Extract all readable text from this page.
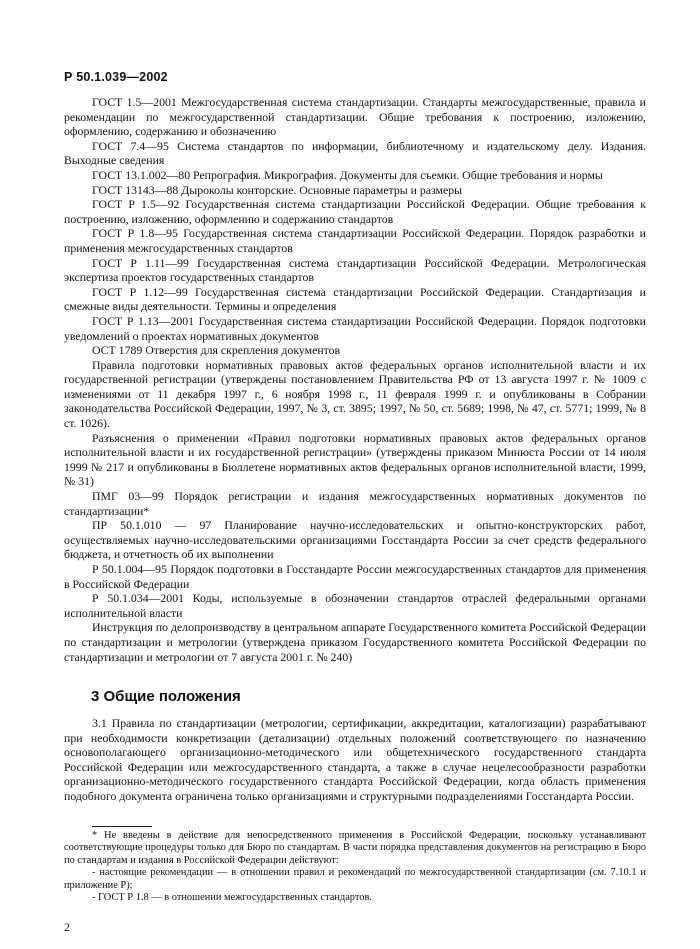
Р 50.1.039—2002

ГОСТ 1.5—2001 Межгосударственная система стандартизации. Стандарты межгосударственные, правила и рекомендации по межгосударственной стандартизации. Общие требования к построению, изложению, оформлению, содержанию и обозначению

ГОСТ 7.4—95 Система стандартов по информации, библиотечному и издательскому делу. Издания. Выходные сведения

ГОСТ 13.1.002—80 Репрография. Микрография. Документы для съемки. Общие требования и нормы

ГОСТ 13143—88 Дыроколы конторские. Основные параметры и размеры

ГОСТ Р 1.5—92 Государственная система стандартизации Российской Федерации. Общие требования к построению, изложению, оформлению и содержанию стандартов

ГОСТ Р 1.8—95 Государственная система стандартизации Российской Федерации. Порядок разработки и применения межгосударственных стандартов

ГОСТ Р 1.11—99 Государственная система стандартизации Российской Федерации. Метрологическая экспертиза проектов государственных стандартов

ГОСТ Р 1.12—99 Государственная система стандартизации Российской Федерации. Стандартизация и смежные виды деятельности. Термины и определения

ГОСТ Р 1.13—2001 Государственная система стандартизации Российской Федерации. Порядок подготовки уведомлений о проектах нормативных документов

ОСТ 1789 Отверстия для скрепления документов

Правила подготовки нормативных правовых актов федеральных органов исполнительной власти и их государственной регистрации (утверждены постановлением Правительства РФ от 13 августа 1997 г. № 1009 с изменениями от 11 декабря 1997 г., 6 ноября 1998 г., 11 февраля 1999 г. и опубликованы в Собрании законодательства Российской Федерации, 1997, № 3, ст. 3895; 1997, № 50, ст. 5689; 1998, № 47, ст. 5771; 1999, № 8 ст. 1026).

Разъяснения о применении «Правил подготовки нормативных правовых актов федеральных органов исполнительной власти и их государственной регистрации» (утверждены приказом Минюста России от 14 июля 1999 № 217 и опубликованы в Бюллетене нормативных актов федеральных органов исполнительной власти, 1999, № 31)

ПМГ 03—99 Порядок регистрации и издания межгосударственных нормативных документов по стандартизации*

ПР 50.1.010 — 97 Планирование научно-исследовательских и опытно-конструкторских работ, осуществляемых научно-исследовательскими организациями Госстандарта России за счет средств федерального бюджета, и отчетность об их выполнении

Р 50.1.004—95 Порядок подготовки в Госстандарте России межгосударственных стандартов для применения в Российской Федерации

Р 50.1.034—2001 Коды, используемые в обозначении стандартов отраслей федеральными органами исполнительной власти

Инструкция по делопроизводству в центральном аппарате Государственного комитета Российской Федерации по стандартизации и метрологии (утверждена приказом Государственного комитета Российской Федерации по стандартизации и метрологии от 7 августа 2001 г. № 240)

3 Общие положения

3.1 Правила по стандартизации (метрологии, сертификации, аккредитации, каталогизации) разрабатывают при необходимости конкретизации (детализации) отдельных положений соответствующего по назначению основополагающего организационно-методического или общетехнического государственного стандарта Российской Федерации или межгосударственного стандарта, а также в случае нецелесообразности разработки организационно-методического государственного стандарта Российской Федерации, когда область применения подобного документа ограничена только организациями и структурными подразделениями Госстандарта России.

* Не введены в действие для непосредственного применения в Российской Федерации, поскольку устанавливают соответствующие процедуры только для Бюро по стандартам. В части порядка представления документов на регистрацию в Бюро по стандартам и издания в Российской Федерации действуют:

- настоящие рекомендации — в отношении правил и рекомендаций по межгосударственной стандартизации (см. 7.10.1 и приложение Р);

- ГОСТ Р 1.8 — в отношении межгосударственных стандартов.

2
